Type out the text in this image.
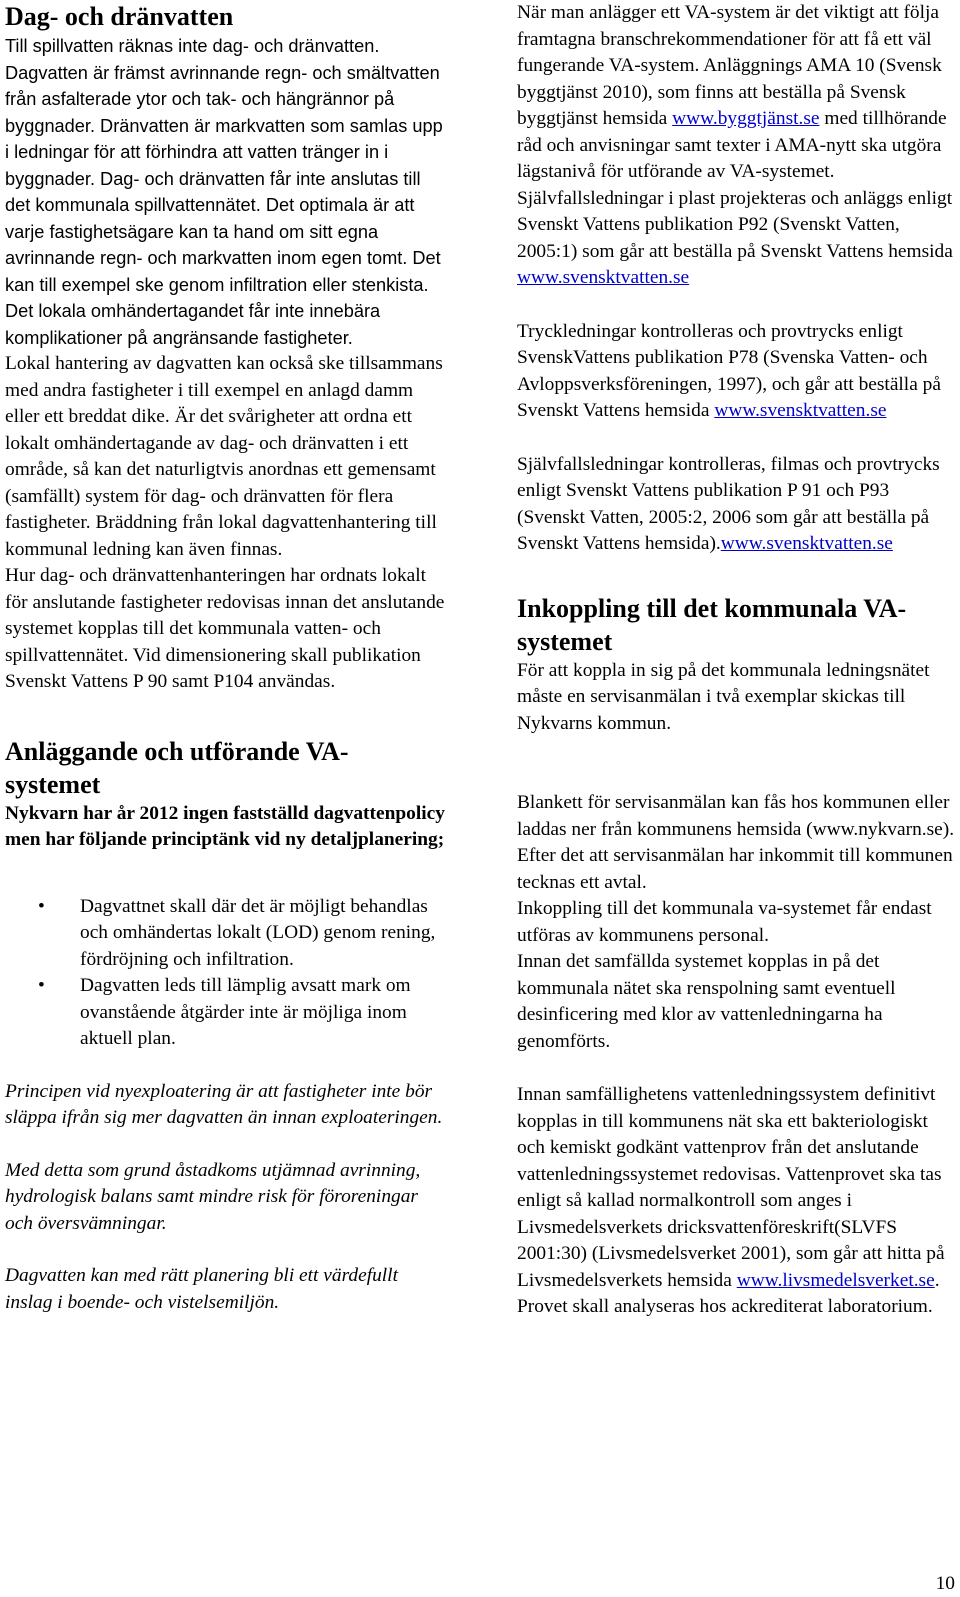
Dag- och dränvatten

Till spillvatten räknas inte dag- och dränvatten. Dagvatten är främst avrinnande regn- och smältvatten från asfalterade ytor och tak- och hängrännor på byggnader. Dränvatten är markvatten som samlas upp i ledningar för att förhindra att vatten tränger in i byggnader. Dag- och dränvatten får inte anslutas till det kommunala spillvattennätet. Det optimala är att varje fastighetsägare kan ta hand om sitt egna avrinnande regn- och markvatten inom egen tomt. Det kan till exempel ske genom infiltration eller stenkista. Det lokala omhändertagandet får inte innebära komplikationer på angränsande fastigheter.

Lokal hantering av dagvatten kan också ske tillsammans med andra fastigheter i till exempel en anlagd damm eller ett breddat dike. Är det svårigheter att ordna ett lokalt omhändertagande av dag- och dränvatten i ett område, så kan det naturligtvis anordnas ett gemensamt (samfällt) system för dag- och dränvatten för flera fastigheter. Bräddning från lokal dagvattenhantering till kommunal ledning kan även finnas.

Hur dag- och dränvattenhanteringen har ordnats lokalt för anslutande fastigheter redovisas innan det anslutande systemet kopplas till det kommunala vatten- och spillvattennätet. Vid dimensionering skall publikation Svenskt Vattens P 90 samt P104 användas.

Anläggande och utförande VA-systemet

Nykvarn har år 2012 ingen fastställd dagvattenpolicy men har följande principtänk vid ny detaljplanering;

• Dagvattnet skall där det är möjligt behandlas och omhändertas lokalt (LOD) genom rening, fördröjning och infiltration.
• Dagvatten leds till lämplig avsatt mark om ovanstående åtgärder inte är möjliga inom aktuell plan.

Principen vid nyexploatering är att fastigheter inte bör släppa ifrån sig mer dagvatten än innan exploateringen.

Med detta som grund åstadkoms utjämnad avrinning, hydrologisk balans samt mindre risk för föroreningar och översvämningar.

Dagvatten kan med rätt planering bli ett värdefullt inslag i boende- och vistelsemiljön.

När man anlägger ett VA-system är det viktigt att följa framtagna branschrekommendationer för att få ett väl fungerande VA-system. Anläggnings AMA 10 (Svensk byggtjänst 2010), som finns att beställa på Svensk byggtjänst hemsida www.byggtjänst.se med tillhörande råd och anvisningar samt texter i AMA-nytt ska utgöra lägstanivå för utförande av VA-systemet.

Självfallsledningar i plast projekteras och anläggs enligt Svenskt Vattens publikation P92 (Svenskt Vatten, 2005:1) som går att beställa på Svenskt Vattens hemsida www.svensktvatten.se

Tryckledningar kontrolleras och provtrycks enligt SvenskVattens publikation P78 (Svenska Vatten- och Avloppsverksföreningen, 1997), och går att beställa på Svenskt Vattens hemsida www.svensktvatten.se

Självfallsledningar kontrolleras, filmas och provtrycks enligt Svenskt Vattens publikation P 91 och P93 (Svenskt Vatten, 2005:2, 2006 som går att beställa på Svenskt Vattens hemsida).www.svensktvatten.se

Inkoppling till det kommunala VA-systemet

För att koppla in sig på det kommunala ledningsnätet måste en servisanmälan i två exemplar skickas till Nykvarns kommun.

Blankett för servisanmälan kan fås hos kommunen eller laddas ner från kommunens hemsida (www.nykvarn.se). Efter det att servisanmälan har inkommit till kommunen tecknas ett avtal.

Inkoppling till det kommunala va-systemet får endast utföras av kommunens personal.

Innan det samfällda systemet kopplas in på det kommunala nätet ska renspolning samt eventuell desinficering med klor av vattenledningarna ha genomförts.

Innan samfällighetens vattenledningssystem definitivt kopplas in till kommunens nät ska ett bakteriologiskt och kemiskt godkänt vattenprov från det anslutande vattenledningssystemet redovisas. Vattenprovet ska tas enligt så kallad normalkontroll som anges i Livsmedelsverkets dricksvattenföreskrift(SLVFS 2001:30) (Livsmedelsverket 2001), som går att hitta på Livsmedelsverkets hemsida www.livsmedelsverket.se. Provet skall analyseras hos ackrediterat laboratorium.

10
